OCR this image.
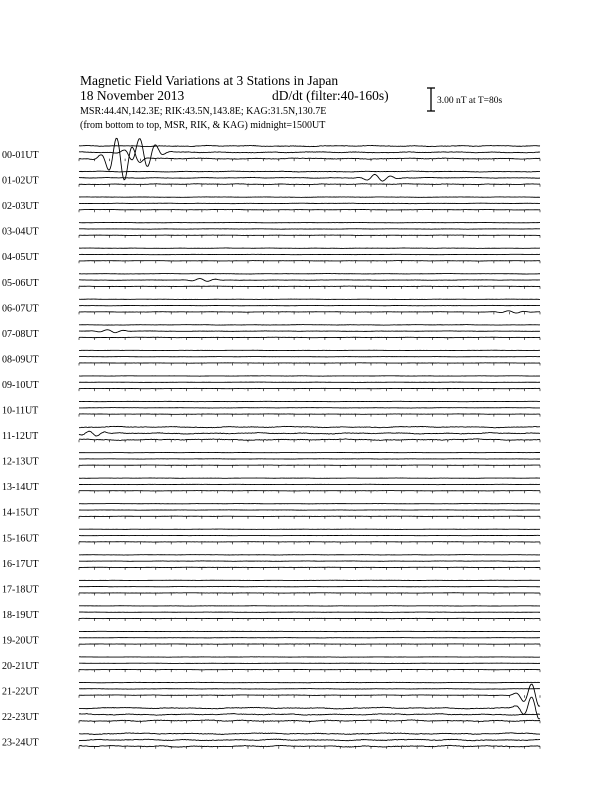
Magnetic Field Variations at 3 Stations in Japan
18 November 2013	dD/dt (filter:40-160s)
MSR:44.4N,142.3E; RIK:43.5N,143.8E; KAG:31.5N,130.7E
(from bottom to top, MSR, RIK, & KAG) midnight=1500UT
3.00 nT at T=80s
00-01UT
01-02UT
02-03UT
03-04UT
04-05UT
05-06UT
06-07UT
07-08UT
08-09UT
09-10UT
10-11UT
11-12UT
12-13UT
13-14UT
14-15UT
15-16UT
16-17UT
17-18UT
18-19UT
19-20UT
20-21UT
21-22UT
22-23UT
23-24UT
